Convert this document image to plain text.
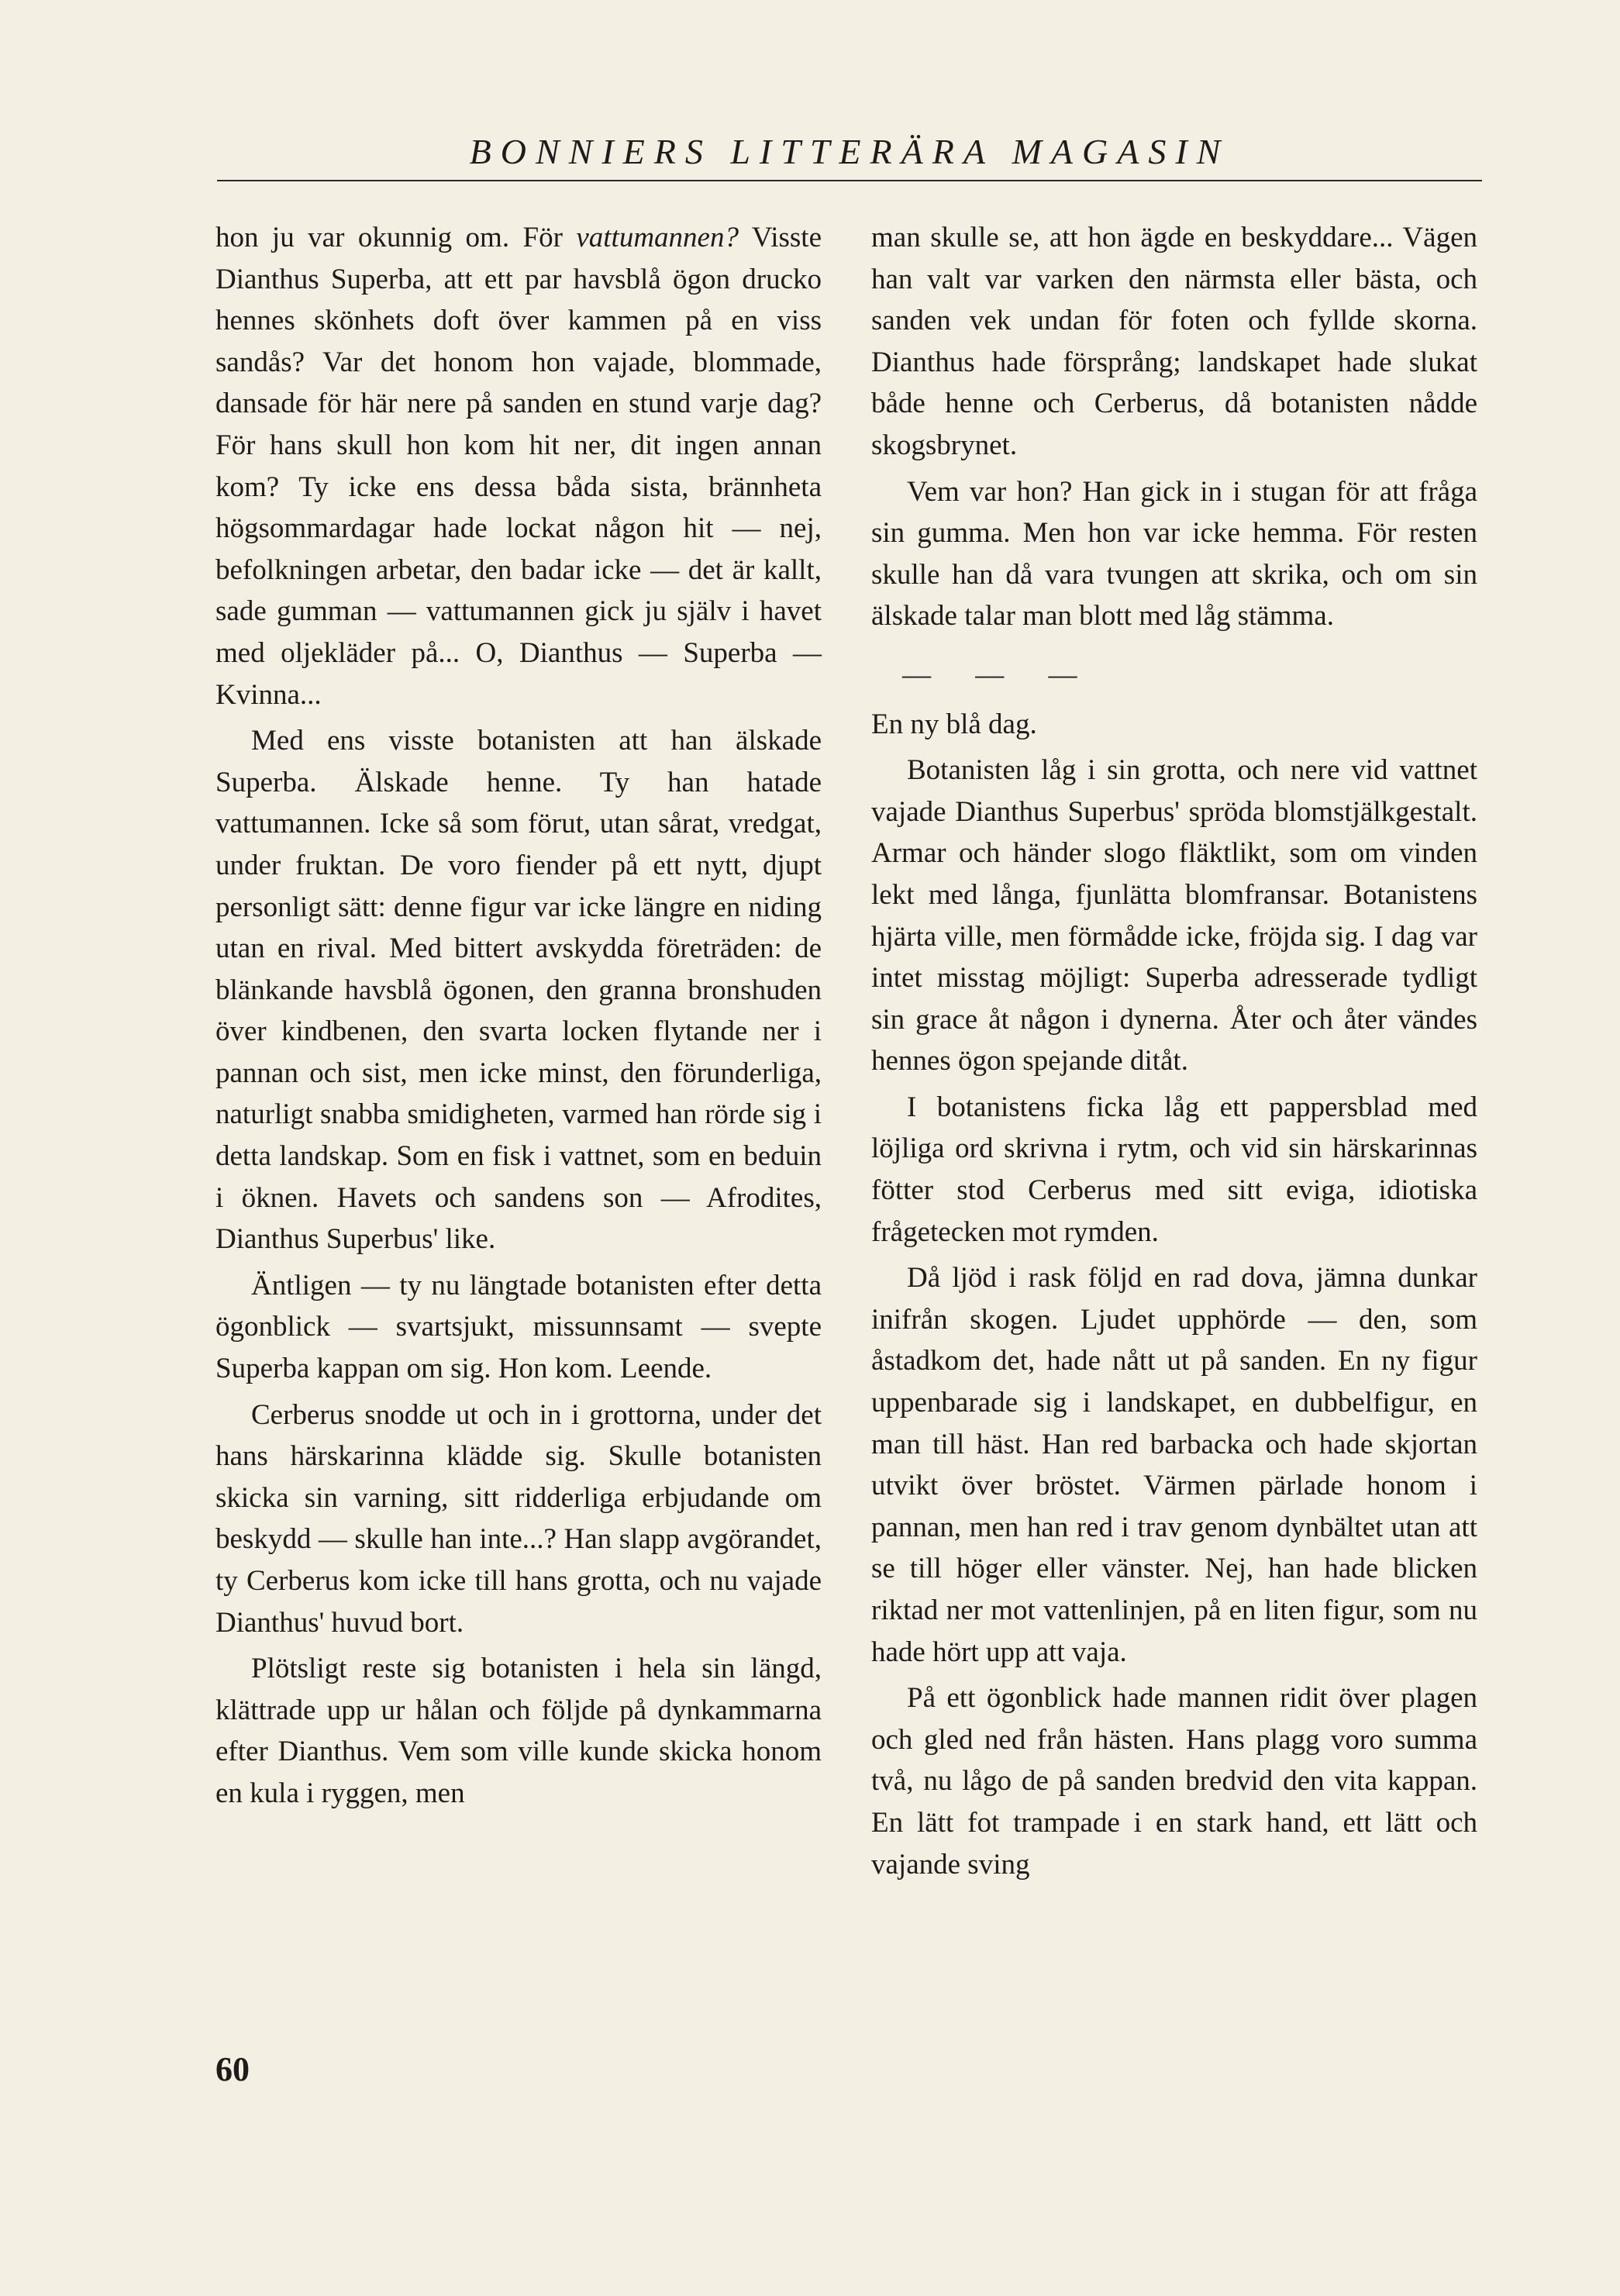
BONNIERS LITTERÄRA MAGASIN

hon ju var okunnig om. För vattumannen? Visste Dianthus Superba, att ett par havsblå ögon drucko hennes skönhets doft över kammen på en viss sandås? Var det honom hon vajade, blommade, dansade för här nere på sanden en stund varje dag? För hans skull hon kom hit ner, dit ingen annan kom? Ty icke ens dessa båda sista, brännheta högsommardagar hade lockat någon hit — nej, befolkningen arbetar, den badar icke — det är kallt, sade gumman — vattumannen gick ju själv i havet med oljekläder på... O, Dianthus — Superba — Kvinna...

Med ens visste botanisten att han älskade Superba. Älskade henne. Ty han hatade vattumannen. Icke så som förut, utan sårat, vredgat, under fruktan. De voro fiender på ett nytt, djupt personligt sätt: denne figur var icke längre en niding utan en rival. Med bittert avskydda företräden: de blänkande havsblå ögonen, den granna bronshuden över kindbenen, den svarta locken flytande ner i pannan och sist, men icke minst, den förunderliga, naturligt snabba smidigheten, varmed han rörde sig i detta landskap. Som en fisk i vattnet, som en beduin i öknen. Havets och sandens son — Afrodites, Dianthus Superbus' like.

Äntligen — ty nu längtade botanisten efter detta ögonblick — svartsjukt, missunnsamt — svepte Superba kappan om sig. Hon kom. Leende.

Cerberus snodde ut och in i grottorna, under det hans härskarinna klädde sig. Skulle botanisten skicka sin varning, sitt ridderliga erbjudande om beskydd — skulle han inte...? Han slapp avgörandet, ty Cerberus kom icke till hans grotta, och nu vajade Dianthus' huvud bort.

Plötsligt reste sig botanisten i hela sin längd, klättrade upp ur hålan och följde på dynkammarna efter Dianthus. Vem som ville kunde skicka honom en kula i ryggen, men

man skulle se, att hon ägde en beskyddare... Vägen han valt var varken den närmsta eller bästa, och sanden vek undan för foten och fyllde skorna. Dianthus hade försprång; landskapet hade slukat både henne och Cerberus, då botanisten nådde skogsbrynet.

Vem var hon? Han gick in i stugan för att fråga sin gumma. Men hon var icke hemma. För resten skulle han då vara tvungen att skrika, och om sin älskade talar man blott med låg stämma.

— — —

En ny blå dag.

Botanisten låg i sin grotta, och nere vid vattnet vajade Dianthus Superbus' spröda blomstjälkgestalt. Armar och händer slogo fläktlikt, som om vinden lekt med långa, fjunlätta blomfransar. Botanistens hjärta ville, men förmådde icke, fröjda sig. I dag var intet misstag möjligt: Superba adresserade tydligt sin grace åt någon i dynerna. Åter och åter vändes hennes ögon spejande ditåt.

I botanistens ficka låg ett pappersblad med löjliga ord skrivna i rytm, och vid sin härskarinnas fötter stod Cerberus med sitt eviga, idiotiska frågetecken mot rymden.

Då ljöd i rask följd en rad dova, jämna dunkar inifrån skogen. Ljudet upphörde — den, som åstadkom det, hade nått ut på sanden. En ny figur uppenbarade sig i landskapet, en dubbelfigur, en man till häst. Han red barbacka och hade skjortan utvikt över bröstet. Värmen pärlade honom i pannan, men han red i trav genom dynbältet utan att se till höger eller vänster. Nej, han hade blicken riktad ner mot vattenlinjen, på en liten figur, som nu hade hört upp att vaja.

På ett ögonblick hade mannen ridit över plagen och gled ned från hästen. Hans plagg voro summa två, nu lågo de på sanden bredvid den vita kappan. En lätt fot trampade i en stark hand, ett lätt och vajande sving

60
